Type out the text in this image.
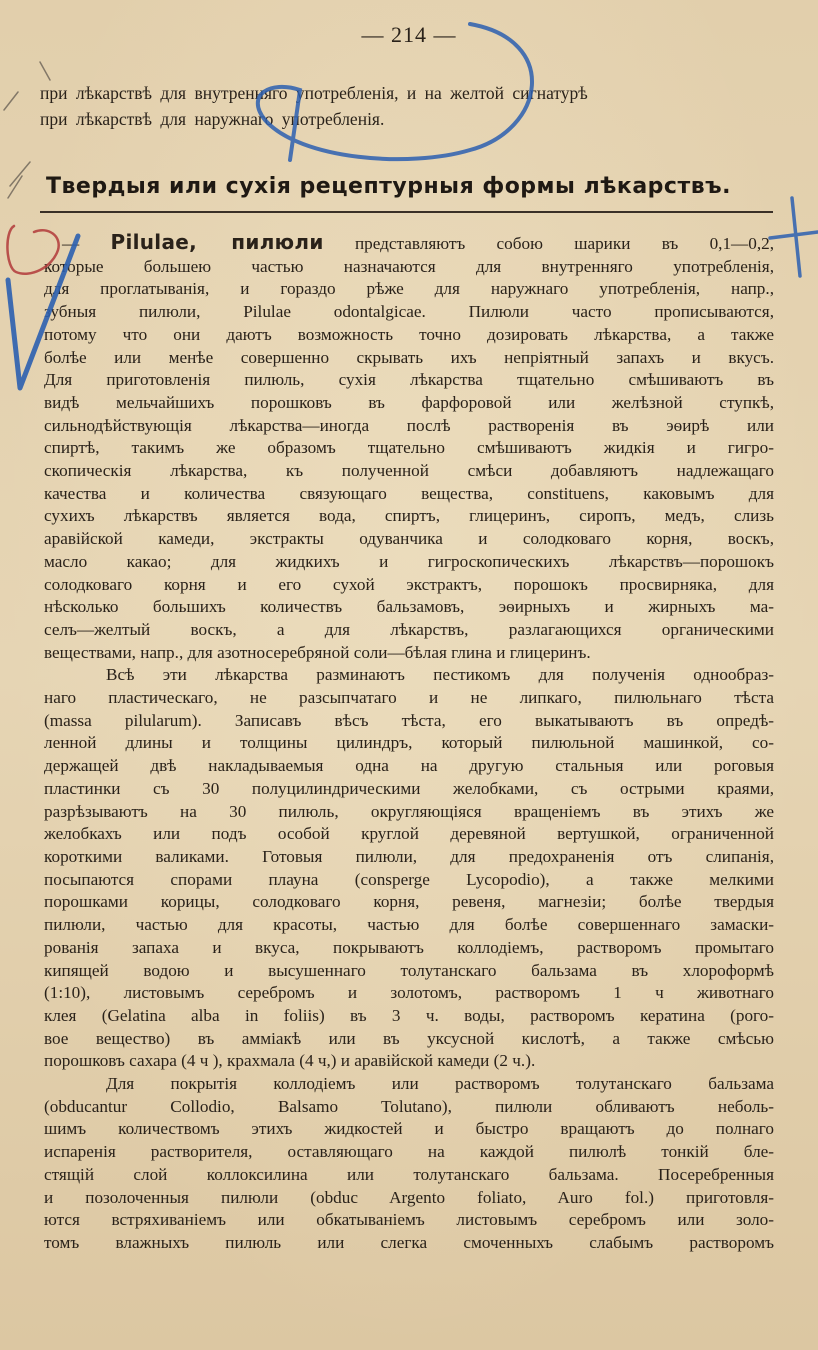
— 214 —
при лѣкарствѣ для внутренняго употребленія, и на желтой сигнатурѣ
при лѣкарствѣ для наружнаго употребленія.
Твердыя или сухія рецептурныя формы лѣкарствъ.
— Pilulae, пилюли представляютъ собою шарики въ 0,1—0,2,
которые большею частью назначаются для внутренняго употребленія,
для проглатыванія, и гораздо рѣже для наружнаго употребленія, напр.,
зубныя пилюли, Pilulae odontalgicae. Пилюли часто прописываются,
потому что они даютъ возможность точно дозировать лѣкарства, а также
болѣе или менѣе совершенно скрывать ихъ непріятный запахъ и вкусъ.
Для приготовленія пилюль, сухія лѣкарства тщательно смѣшиваютъ въ
видѣ мельчайшихъ порошковъ въ фарфоровой или желѣзной ступкѣ,
сильнодѣйствующія лѣкарства—иногда послѣ растворенія въ эѳирѣ или
спиртѣ, такимъ же образомъ тщательно смѣшиваютъ жидкія и гигро-
скопическія лѣкарства, къ полученной смѣси добавляютъ надлежащаго
качества и количества связующаго вещества, constituens, каковымъ для
сухихъ лѣкарствъ является вода, спиртъ, глицеринъ, сиропъ, медъ, слизь
аравійской камеди, экстракты одуванчика и солодковаго корня, воскъ,
масло какао; для жидкихъ и гигроскопическихъ лѣкарствъ—порошокъ
солодковаго корня и его сухой экстрактъ, порошокъ просвирняка, для
нѣсколько большихъ количествъ бальзамовъ, эѳирныхъ и жирныхъ ма-
селъ—желтый воскъ, а для лѣкарствъ, разлагающихся органическими
веществами, напр., для азотносеребряной соли—бѣлая глина и глицеринъ.
Всѣ эти лѣкарства разминаютъ пестикомъ для полученія однообраз-
наго пластическаго, не разсыпчатаго и не липкаго, пилюльнаго тѣста
(massa pilularum). Записавъ вѣсъ тѣста, его выкатываютъ въ опредѣ-
ленной длины и толщины цилиндръ, который пилюльной машинкой, со-
держащей двѣ накладываемыя одна на другую стальныя или роговыя
пластинки съ 30 полуцилиндрическими желобками, съ острыми краями,
разрѣзываютъ на 30 пилюль, округляющіяся вращеніемъ въ этихъ же
желобкахъ или подъ особой круглой деревяной вертушкой, ограниченной
короткими валиками. Готовыя пилюли, для предохраненія отъ слипанія,
посыпаются спорами плауна (consperge Lycopodio), а также мелкими
порошками корицы, солодковаго корня, ревеня, магнезіи; болѣе твердыя
пилюли, частью для красоты, частью для болѣе совершеннаго замаски-
рованія запаха и вкуса, покрываютъ коллодіемъ, растворомъ промытаго
кипящей водою и высушеннаго толутанскаго бальзама въ хлороформѣ
(1:10), листовымъ серебромъ и золотомъ, растворомъ 1 ч животнаго
клея (Gelatina alba in foliis) въ 3 ч. воды, растворомъ кератина (рого-
вое вещество) въ амміакѣ или въ уксусной кислотѣ, а также смѣсью
порошковъ сахара (4 ч ), крахмала (4 ч,) и аравійской камеди (2 ч.).
Для покрытія коллодіемъ или растворомъ толутанскаго бальзама
(obducantur Collodio, Balsamo Tolutano), пилюли обливаютъ неболь-
шимъ количествомъ этихъ жидкостей и быстро вращаютъ до полнаго
испаренія растворителя, оставляющаго на каждой пилюлѣ тонкій бле-
стящій слой коллоксилина или толутанскаго бальзама. Посеребренныя
и позолоченныя пилюли (obduc Argento foliato, Auro fol.) приготовля-
ются встряхиваніемъ или обкатываніемъ листовымъ серебромъ или золо-
томъ влажныхъ пилюль или слегка смоченныхъ слабымъ растворомъ
